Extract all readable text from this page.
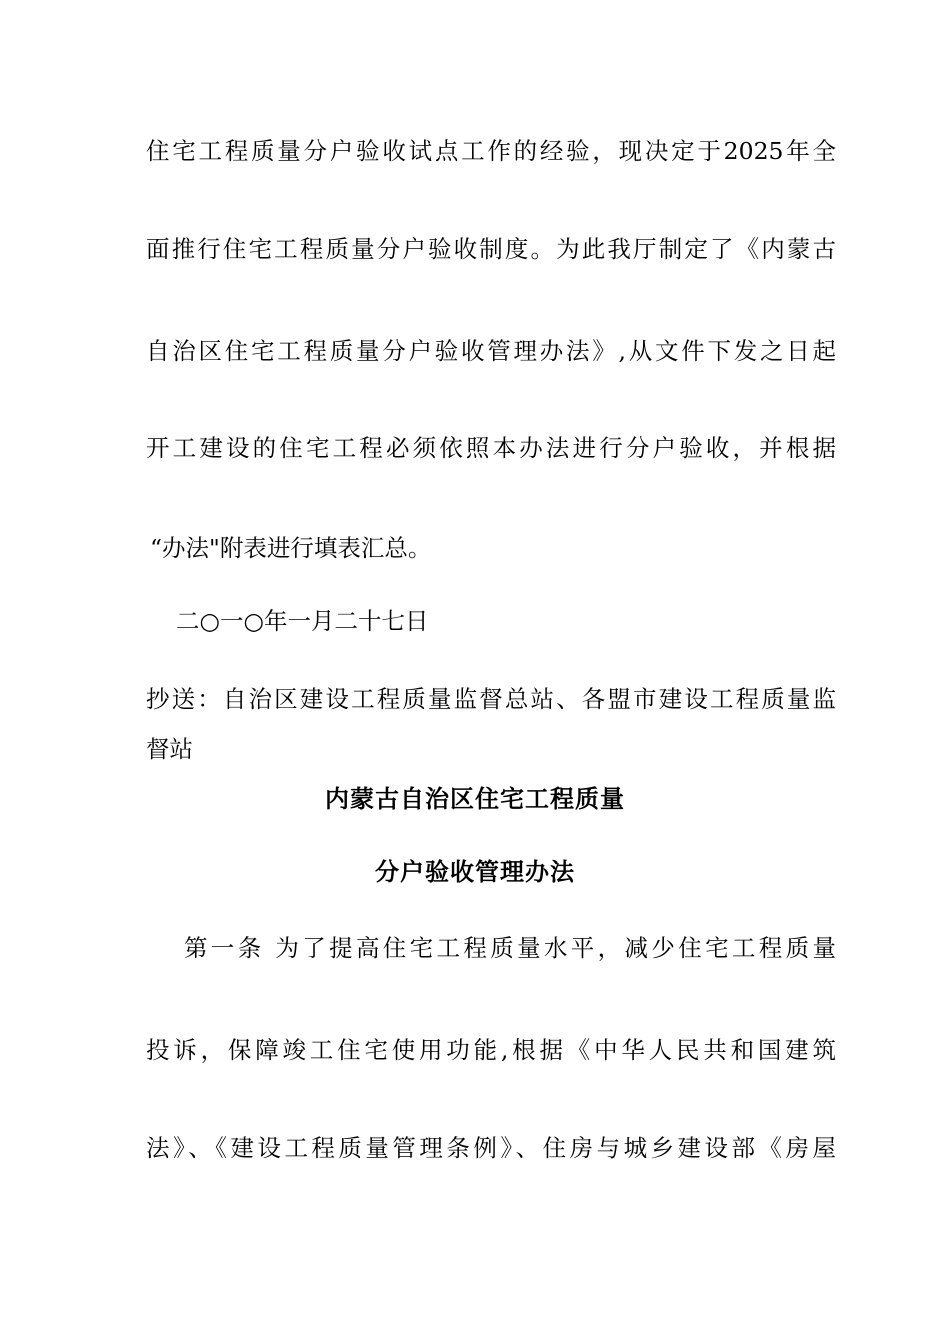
住宅工程质量分户验收试点工作的经验，现决定于2025年全
面推行住宅工程质量分户验收制度。为此我厅制定了《内蒙古
自治区住宅工程质量分户验收管理办法》,从文件下发之日起
开工建设的住宅工程必须依照本办法进行分户验收，并根据
“办法"附表进行填表汇总。
二○一○年一月二十七日
抄送：自治区建设工程质量监督总站、各盟市建设工程质量监
督站
内蒙古自治区住宅工程质量
分户验收管理办法
第一条 为了提高住宅工程质量水平，减少住宅工程质量
投诉，保障竣工住宅使用功能,根据《中华人民共和国建筑
法》、《建设工程质量管理条例》、住房与城乡建设部《房屋
